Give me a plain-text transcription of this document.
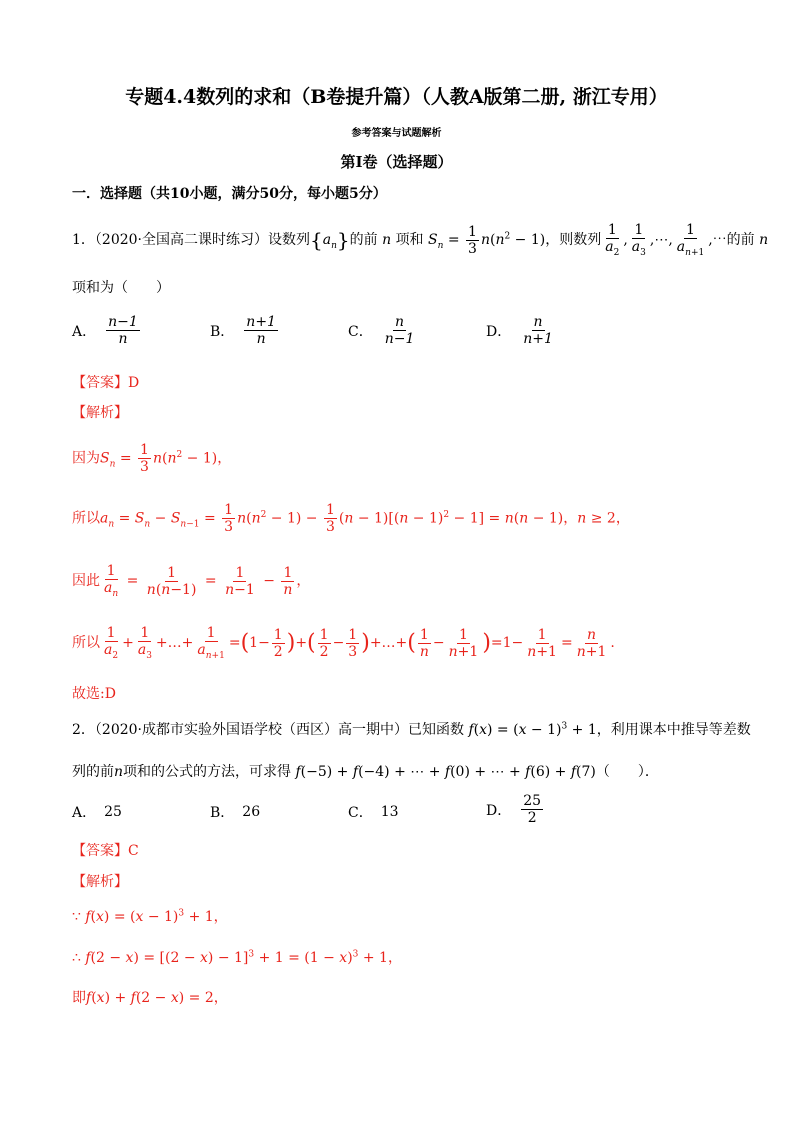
专题4.4数列的求和（B卷提升篇）（人教A版第二册, 浙江专用）
参考答案与试题解析
第Ⅰ卷（选择题）
一．选择题（共10小题，满分50分，每小题5分）
1．（2020·全国高二课时练习）设数列$\{a_n\}$的前 n 项和 $S_n = \frac{1}{3} n(n^2 - 1)$，则数列 $\frac{1}{a_2}$ , $\frac{1}{a_3}$ ,⋯, $\frac{1}{a_{n+1}}$ ,⋯的前 n
项和为（　　）
A． $\frac{n-1}{n}$	B． $\frac{n+1}{n}$	C． $\frac{n}{n-1}$	D． $\frac{n}{n+1}$
【答案】D
【解析】
因为$S_n = \frac{1}{3} n(n^2 - 1)$，
所以$a_n = S_n - S_{n-1} = \frac{1}{3} n(n^2 - 1) - \frac{1}{3} (n - 1)[(n - 1)^2 - 1] = n(n - 1)$，n ≥ 2，
因此 $\frac{1}{a_n} = \frac{1}{n(n-1)} = \frac{1}{n-1} - \frac{1}{n}$ ，
所以 $\frac{1}{a_2} + \frac{1}{a_3}$ +…+ $\frac{1}{a_{n+1}} =(1- \frac{1}{2}$ )+( $\frac{1}{2} - \frac{1}{3}$ )+…+( $\frac{1}{n} - \frac{1}{n+1} )=1- \frac{1}{n+1} = \frac{n}{n+1}$ .
故选:D
2．（2020·成都市实验外国语学校（西区）高一期中）已知函数 $f(x) = (x - 1)^3 + 1$，利用课本中推导等差数
列的前n项和的公式的方法，可求得 f(−5) + f(−4) + ⋯ + f(0) + ⋯ + f(6) + f(7)（　　）．
A． 25	B． 26	C． 13	D． $\frac{25}{2}$
【答案】C
【解析】
∵ $f(x) = (x - 1)^3 + 1$，
∴ $f(2 - x) = [(2 - x) - 1]^3 + 1 = (1 - x)^3 + 1$，
即f(x) + f(2 − x) = 2，
